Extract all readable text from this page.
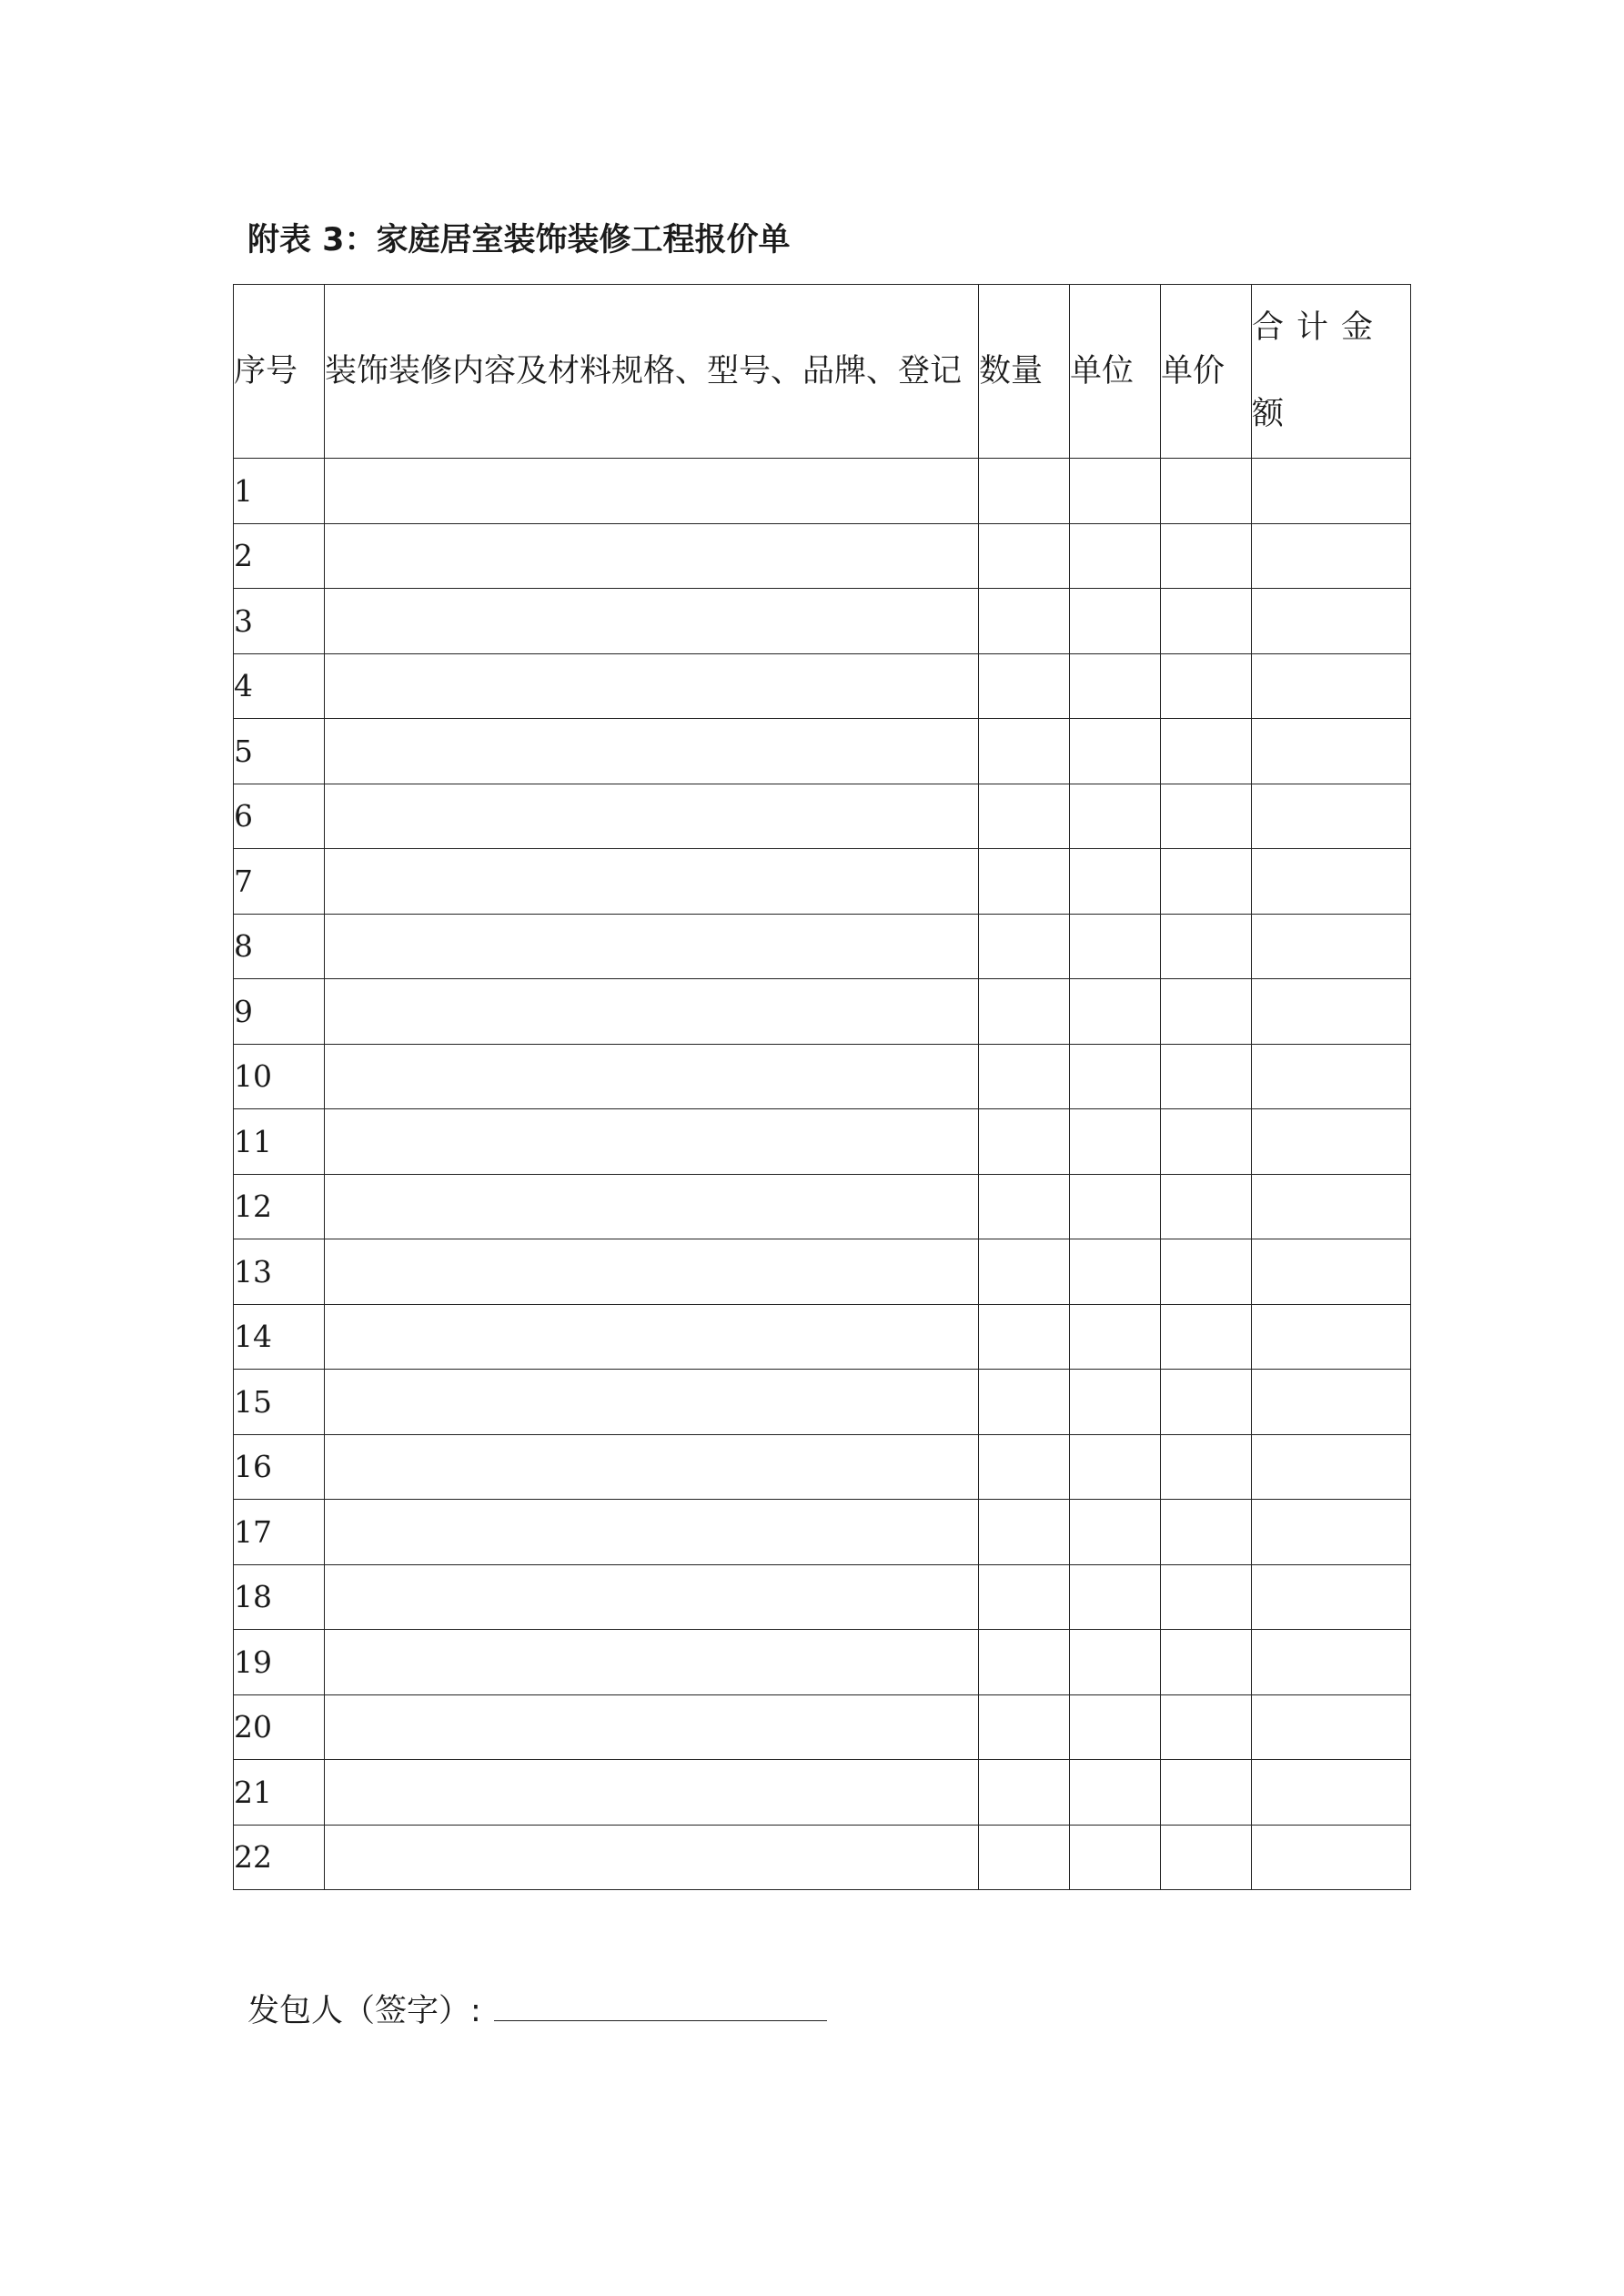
附表 3：家庭居室装饰装修工程报价单
序号	装饰装修内容及材料规格、型号、品牌、登记	数量	单位	单价	合计金额
1					
2					
3					
4					
5					
6					
7					
8					
9					
10					
11					
12					
13					
14					
15					
16					
17					
18					
19					
20					
21					
22					
发包人（签字）:
